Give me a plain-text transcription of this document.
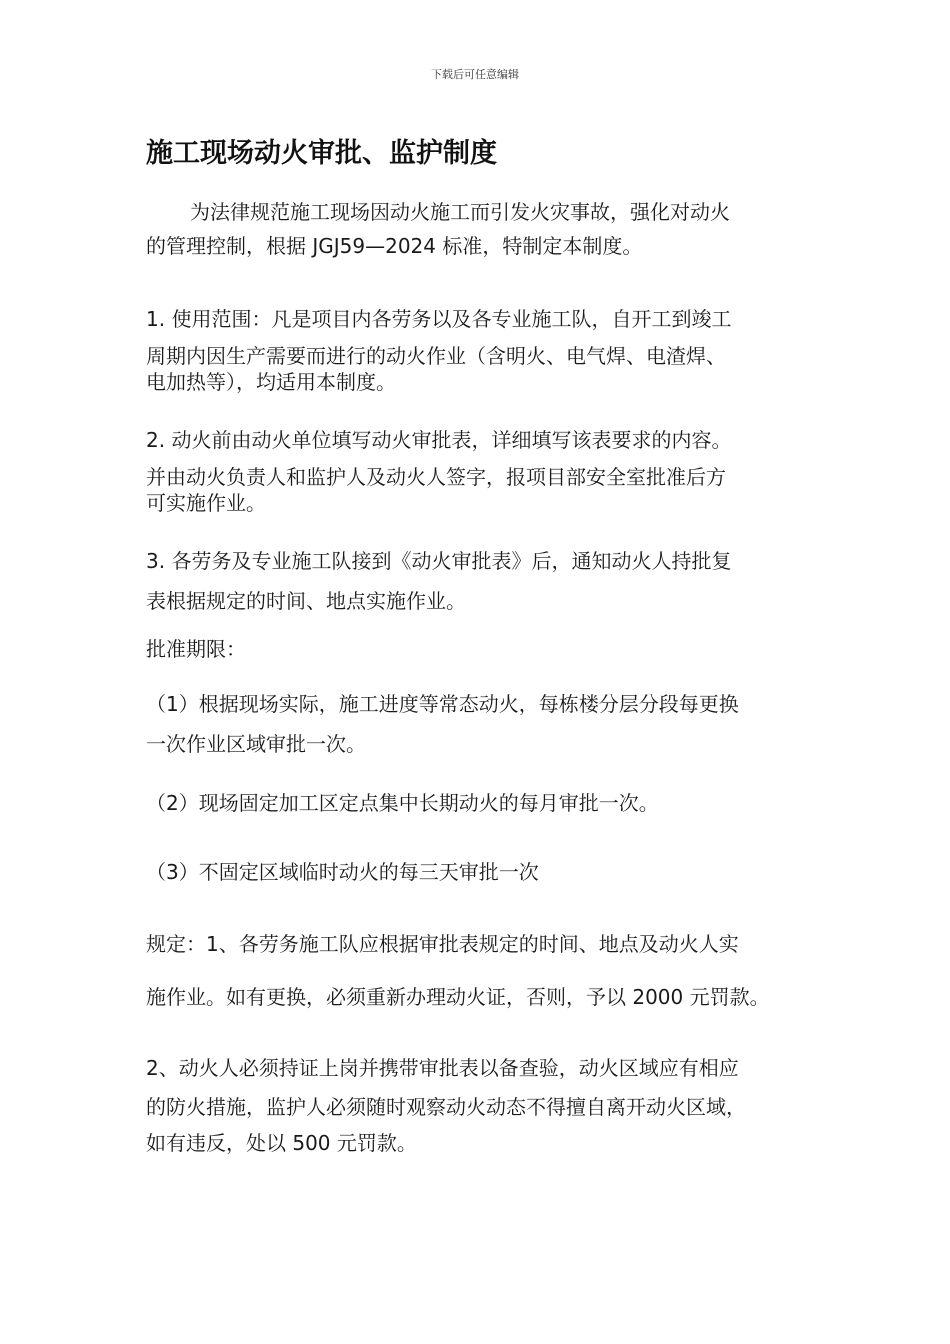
下载后可任意编辑

施工现场动火审批、监护制度

为法律规范施工现场因动火施工而引发火灾事故，强化对动火

的管理控制，根据 JGJ59—2024 标准，特制定本制度。

1. 使用范围：凡是项目内各劳务以及各专业施工队，自开工到竣工

周期内因生产需要而进行的动火作业（含明火、电气焊、电渣焊、

电加热等），均适用本制度。

2. 动火前由动火单位填写动火审批表，详细填写该表要求的内容。

并由动火负责人和监护人及动火人签字，报项目部安全室批准后方

可实施作业。

3. 各劳务及专业施工队接到《动火审批表》后，通知动火人持批复

表根据规定的时间、地点实施作业。

批准期限：

（1）根据现场实际，施工进度等常态动火，每栋楼分层分段每更换

一次作业区域审批一次。

（2）现场固定加工区定点集中长期动火的每月审批一次。

（3）不固定区域临时动火的每三天审批一次

规定：1、各劳务施工队应根据审批表规定的时间、地点及动火人实

施作业。如有更换，必须重新办理动火证，否则，予以 2000 元罚款。

2、动火人必须持证上岗并携带审批表以备查验，动火区域应有相应

的防火措施，监护人必须随时观察动火动态不得擅自离开动火区域，

如有违反，处以 500 元罚款。
